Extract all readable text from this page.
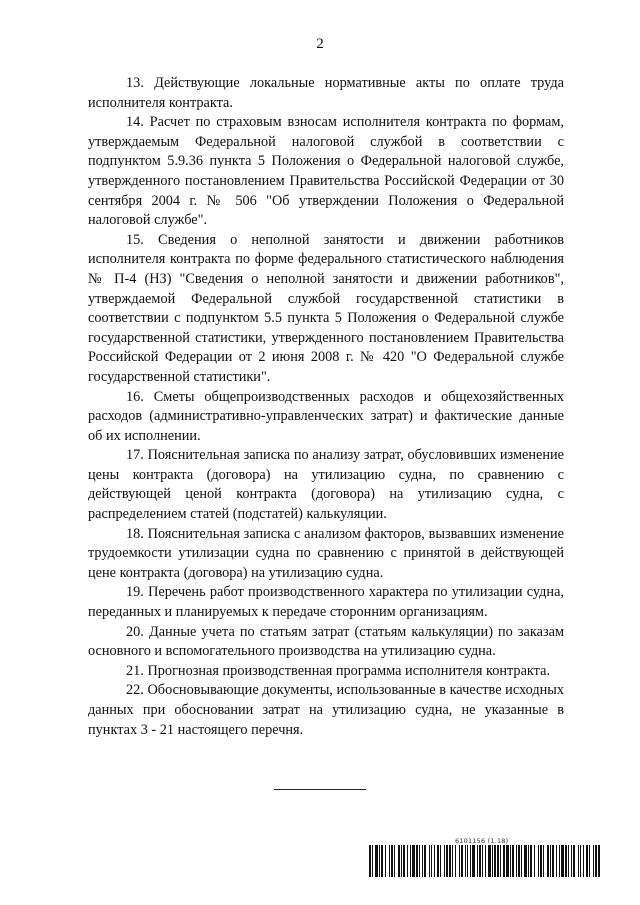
2

13. Действующие локальные нормативные акты по оплате труда исполнителя контракта.

14. Расчет по страховым взносам исполнителя контракта по формам, утверждаемым Федеральной налоговой службой в соответствии с подпунктом 5.9.36 пункта 5 Положения о Федеральной налоговой службе, утвержденного постановлением Правительства Российской Федерации от 30 сентября 2004 г. № 506 "Об утверждении Положения о Федеральной налоговой службе".

15. Сведения о неполной занятости и движении работников исполнителя контракта по форме федерального статистического наблюдения № П-4 (НЗ) "Сведения о неполной занятости и движении работников", утверждаемой Федеральной службой государственной статистики в соответствии с подпунктом 5.5 пункта 5 Положения о Федеральной службе государственной статистики, утвержденного постановлением Правительства Российской Федерации от 2 июня 2008 г. № 420 "О Федеральной службе государственной статистики".

16. Сметы общепроизводственных расходов и общехозяйственных расходов (административно-управленческих затрат) и фактические данные об их исполнении.

17. Пояснительная записка по анализу затрат, обусловивших изменение цены контракта (договора) на утилизацию судна, по сравнению с действующей ценой контракта (договора) на утилизацию судна, с распределением статей (подстатей) калькуляции.

18. Пояснительная записка с анализом факторов, вызвавших изменение трудоемкости утилизации судна по сравнению с принятой в действующей цене контракта (договора) на утилизацию судна.

19. Перечень работ производственного характера по утилизации судна, переданных и планируемых к передаче сторонним организациям.

20. Данные учета по статьям затрат (статьям калькуляции) по заказам основного и вспомогательного производства на утилизацию судна.

21. Прогнозная производственная программа исполнителя контракта.

22. Обосновывающие документы, использованные в качестве исходных данных при обосновании затрат на утилизацию судна, не указанные в пунктах 3 - 21 настоящего перечня.

6101156 (1.18)
